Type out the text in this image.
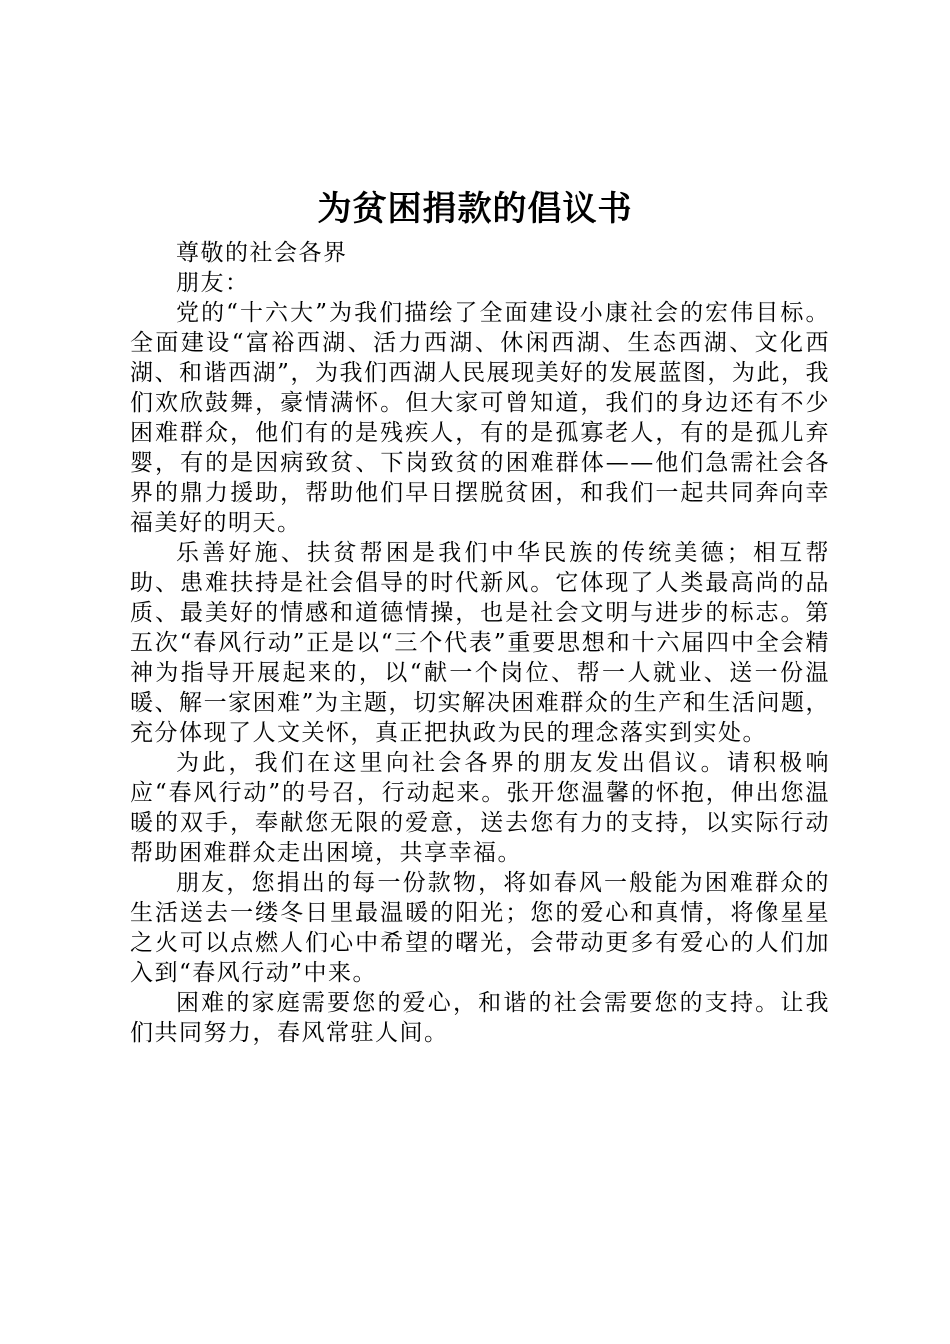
为贫困捐款的倡议书

尊敬的社会各界

朋友：

党的“十六大”为我们描绘了全面建设小康社会的宏伟目标。全面建设“富裕西湖、活力西湖、休闲西湖、生态西湖、文化西湖、和谐西湖”，为我们西湖人民展现美好的发展蓝图，为此，我们欢欣鼓舞，豪情满怀。但大家可曾知道，我们的身边还有不少困难群众，他们有的是残疾人，有的是孤寡老人，有的是孤儿弃婴，有的是因病致贫、下岗致贫的困难群体——他们急需社会各界的鼎力援助，帮助他们早日摆脱贫困，和我们一起共同奔向幸福美好的明天。

乐善好施、扶贫帮困是我们中华民族的传统美德；相互帮助、患难扶持是社会倡导的时代新风。它体现了人类最高尚的品质、最美好的情感和道德情操，也是社会文明与进步的标志。第五次“春风行动”正是以“三个代表”重要思想和十六届四中全会精神为指导开展起来的，以“献一个岗位、帮一人就业、送一份温暖、解一家困难”为主题，切实解决困难群众的生产和生活问题，充分体现了人文关怀，真正把执政为民的理念落实到实处。

为此，我们在这里向社会各界的朋友发出倡议。请积极响应“春风行动”的号召，行动起来。张开您温馨的怀抱，伸出您温暖的双手，奉献您无限的爱意，送去您有力的支持，以实际行动帮助困难群众走出困境，共享幸福。

朋友，您捐出的每一份款物，将如春风一般能为困难群众的生活送去一缕冬日里最温暖的阳光；您的爱心和真情，将像星星之火可以点燃人们心中希望的曙光，会带动更多有爱心的人们加入到“春风行动”中来。

困难的家庭需要您的爱心，和谐的社会需要您的支持。让我们共同努力，春风常驻人间。
